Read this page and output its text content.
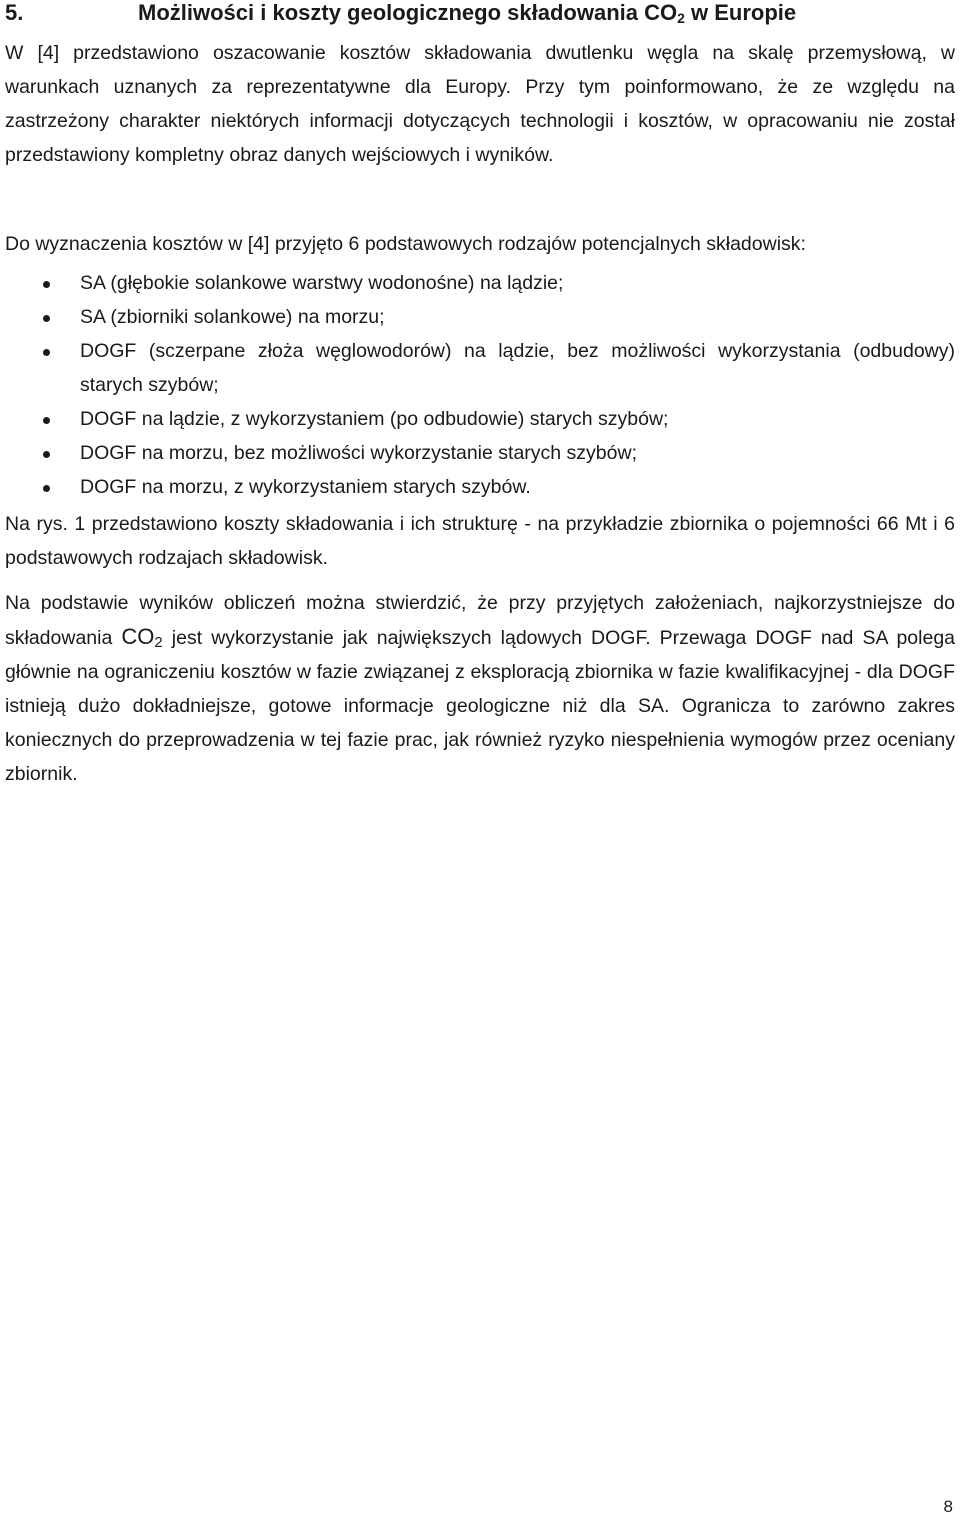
5.	Możliwości i koszty geologicznego składowania $CO_2$ w Europie

W [4] przedstawiono oszacowanie kosztów składowania dwutlenku węgla na skalę przemysłową, w warunkach uznanych za reprezentatywne dla Europy. Przy tym poinformowano, że ze względu na zastrzeżony charakter niektórych informacji dotyczących technologii i kosztów, w opracowaniu nie został przedstawiony kompletny obraz danych wejściowych i wyników.

Do wyznaczenia kosztów w [4] przyjęto 6 podstawowych rodzajów potencjalnych składowisk:

SA (głębokie solankowe warstwy wodonośne) na lądzie;
SA (zbiorniki solankowe) na morzu;
DOGF (sczerpane złoża węglowodorów) na lądzie, bez możliwości wykorzystania (odbudowy) starych szybów;
DOGF na lądzie, z wykorzystaniem (po odbudowie) starych szybów;
DOGF na morzu, bez możliwości wykorzystanie starych szybów;
DOGF na morzu, z wykorzystaniem starych szybów.

Na rys. 1 przedstawiono koszty składowania i ich strukturę - na przykładzie zbiornika o pojemności 66 Mt i 6 podstawowych rodzajach składowisk.

Na podstawie wyników obliczeń można stwierdzić, że przy przyjętych założeniach, najkorzystniejsze do składowania $CO_2$ jest wykorzystanie jak największych lądowych DOGF. Przewaga DOGF nad SA polega głównie na ograniczeniu kosztów w fazie związanej z eksploracją zbiornika w fazie kwalifikacyjnej - dla DOGF istnieją dużo dokładniejsze, gotowe informacje geologiczne niż dla SA. Ogranicza to zarówno zakres koniecznych do przeprowadzenia w tej fazie prac, jak również ryzyko niespełnienia wymogów przez oceniany zbiornik.

8
